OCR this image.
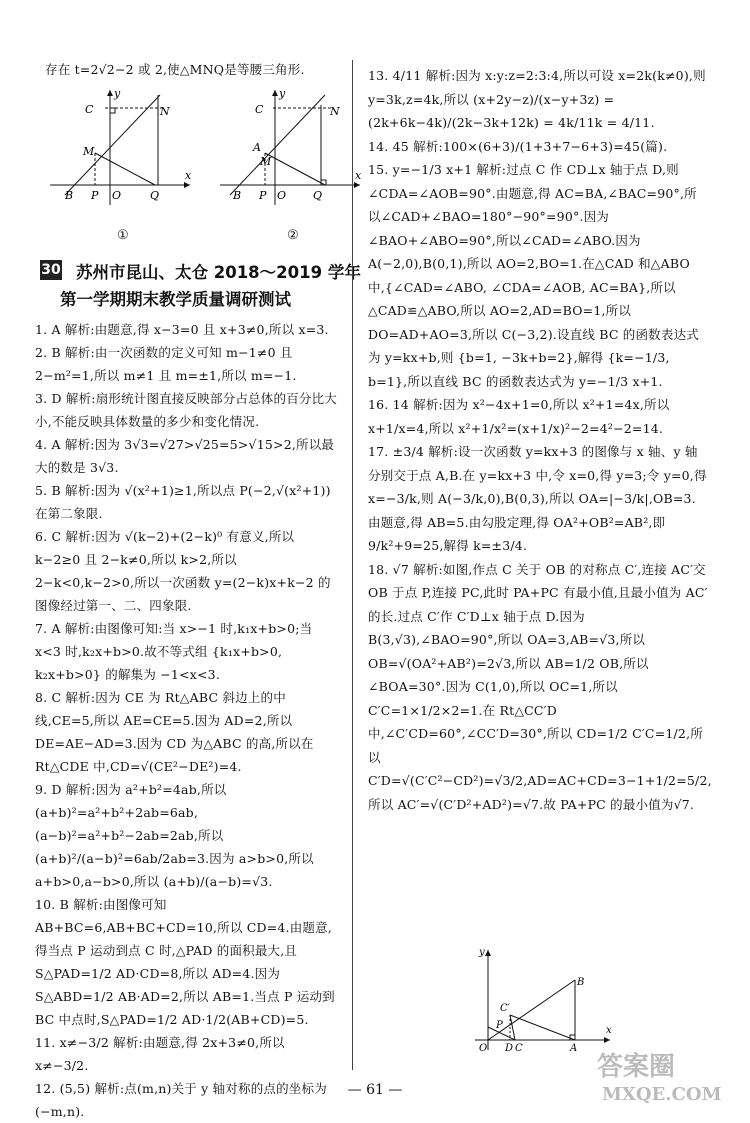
存在 t=2√2−2 或 2,使△MNQ是等腰三角形.
C	N
M
B P O	Q
x
y
C	N
A
M
B P O Q
x
y
①	②
30 苏州市昆山、太仓 2018～2019 学年
第一学期期末教学质量调研测试
1. A 解析:由题意,得 x−3=0 且 x+3≠0,所以 x=3.
2. B 解析:由一次函数的定义可知 m−1≠0 且 2−m²=1,所以 m≠1 且 m=±1,所以 m=−1.
3. D 解析:扇形统计图直接反映部分占总体的百分比大小,不能反映具体数量的多少和变化情况.
4. A 解析:因为 3√3=√27>√25=5>√15>2,所以最大的数是 3√3.
5. B 解析:因为 √(x²+1)≥1,所以点 P(−2,√(x²+1))在第二象限.
6. C 解析:因为 √(k−2)+(2−k)⁰ 有意义,所以 k−2≥0 且 2−k≠0,所以 k>2,所以 2−k<0,k−2>0,所以一次函数 y=(2−k)x+k−2 的图像经过第一、二、四象限.
7. A 解析:由图像可知:当 x>−1 时,k₁x+b>0;当 x<3 时,k₂x+b>0.故不等式组 {k₁x+b>0, k₂x+b>0} 的解集为 −1<x<3.
8. C 解析:因为 CE 为 Rt△ABC 斜边上的中线,CE=5,所以 AE=CE=5.因为 AD=2,所以 DE=AE−AD=3.因为 CD 为△ABC 的高,所以在 Rt△CDE 中,CD=√(CE²−DE²)=4.
9. D 解析:因为 a²+b²=4ab,所以(a+b)²=a²+b²+2ab=6ab,(a−b)²=a²+b²−2ab=2ab,所以 (a+b)²/(a−b)²=6ab/2ab=3.因为 a>b>0,所以 a+b>0,a−b>0,所以 (a+b)/(a−b)=√3.
10. B 解析:由图像可知 AB+BC=6,AB+BC+CD=10,所以 CD=4.由题意,得当点 P 运动到点 C 时,△PAD 的面积最大,且 S△PAD=1/2 AD·CD=8,所以 AD=4.因为 S△ABD=1/2 AB·AD=2,所以 AB=1.当点 P 运动到 BC 中点时,S△PAD=1/2 AD·1/2(AB+CD)=5.
11. x≠−3/2 解析:由题意,得 2x+3≠0,所以 x≠−3/2.
12. (5,5) 解析:点(m,n)关于 y 轴对称的点的坐标为(−m,n).
13. 4/11 解析:因为 x:y:z=2:3:4,所以可设 x=2k(k≠0),则 y=3k,z=4k,所以 (x+2y−z)/(x−y+3z) = (2k+6k−4k)/(2k−3k+12k) = 4k/11k = 4/11.
14. 45 解析:100×(6+3)/(1+3+7−6+3)=45(篇).
15. y=−1/3 x+1 解析:过点 C 作 CD⊥x 轴于点 D,则∠CDA=∠AOB=90°.由题意,得 AC=BA,∠BAC=90°,所以∠CAD+∠BAO=180°−90°=90°.因为∠BAO+∠ABO=90°,所以∠CAD=∠ABO.因为 A(−2,0),B(0,1),所以 AO=2,BO=1.在△CAD 和△ABO 中,{∠CAD=∠ABO, ∠CDA=∠AOB, AC=BA},所以△CAD≌△ABO,所以 AO=2,AD=BO=1,所以 DO=AD+AO=3,所以 C(−3,2).设直线 BC 的函数表达式为 y=kx+b,则 {b=1, −3k+b=2},解得 {k=−1/3, b=1},所以直线 BC 的函数表达式为 y=−1/3 x+1.
16. 14 解析:因为 x²−4x+1=0,所以 x²+1=4x,所以 x+1/x=4,所以 x²+1/x²=(x+1/x)²−2=4²−2=14.
17. ±3/4 解析:设一次函数 y=kx+3 的图像与 x 轴、y 轴分别交于点 A,B.在 y=kx+3 中,令 x=0,得 y=3;令 y=0,得 x=−3/k,则 A(−3/k,0),B(0,3),所以 OA=|−3/k|,OB=3.由题意,得 AB=5.由勾股定理,得 OA²+OB²=AB²,即 9/k²+9=25,解得 k=±3/4.
18. √7 解析:如图,作点 C 关于 OB 的对称点 C′,连接 AC′交 OB 于点 P,连接 PC,此时 PA+PC 有最小值,且最小值为 AC′的长.过点 C′作 C′D⊥x 轴于点 D.因为 B(3,√3),∠BAO=90°,所以 OA=3,AB=√3,所以 OB=√(OA²+AB²)=2√3,所以 AB=1/2 OB,所以∠BOA=30°.因为 C(1,0),所以 OC=1,所以 C′C=1×1/2×2=1.在 Rt△CC′D 中,∠C′CD=60°,∠CC′D=30°,所以 CD=1/2 C′C=1/2,所以 C′D=√(C′C²−CD²)=√3/2,AD=AC+CD=3−1+1/2=5/2,所以 AC′=√(C′D²+AD²)=√7.故 PA+PC 的最小值为√7.
B
C′
P
O D C	A
x
y
— 61 —
答案圈
MXQE.COM
